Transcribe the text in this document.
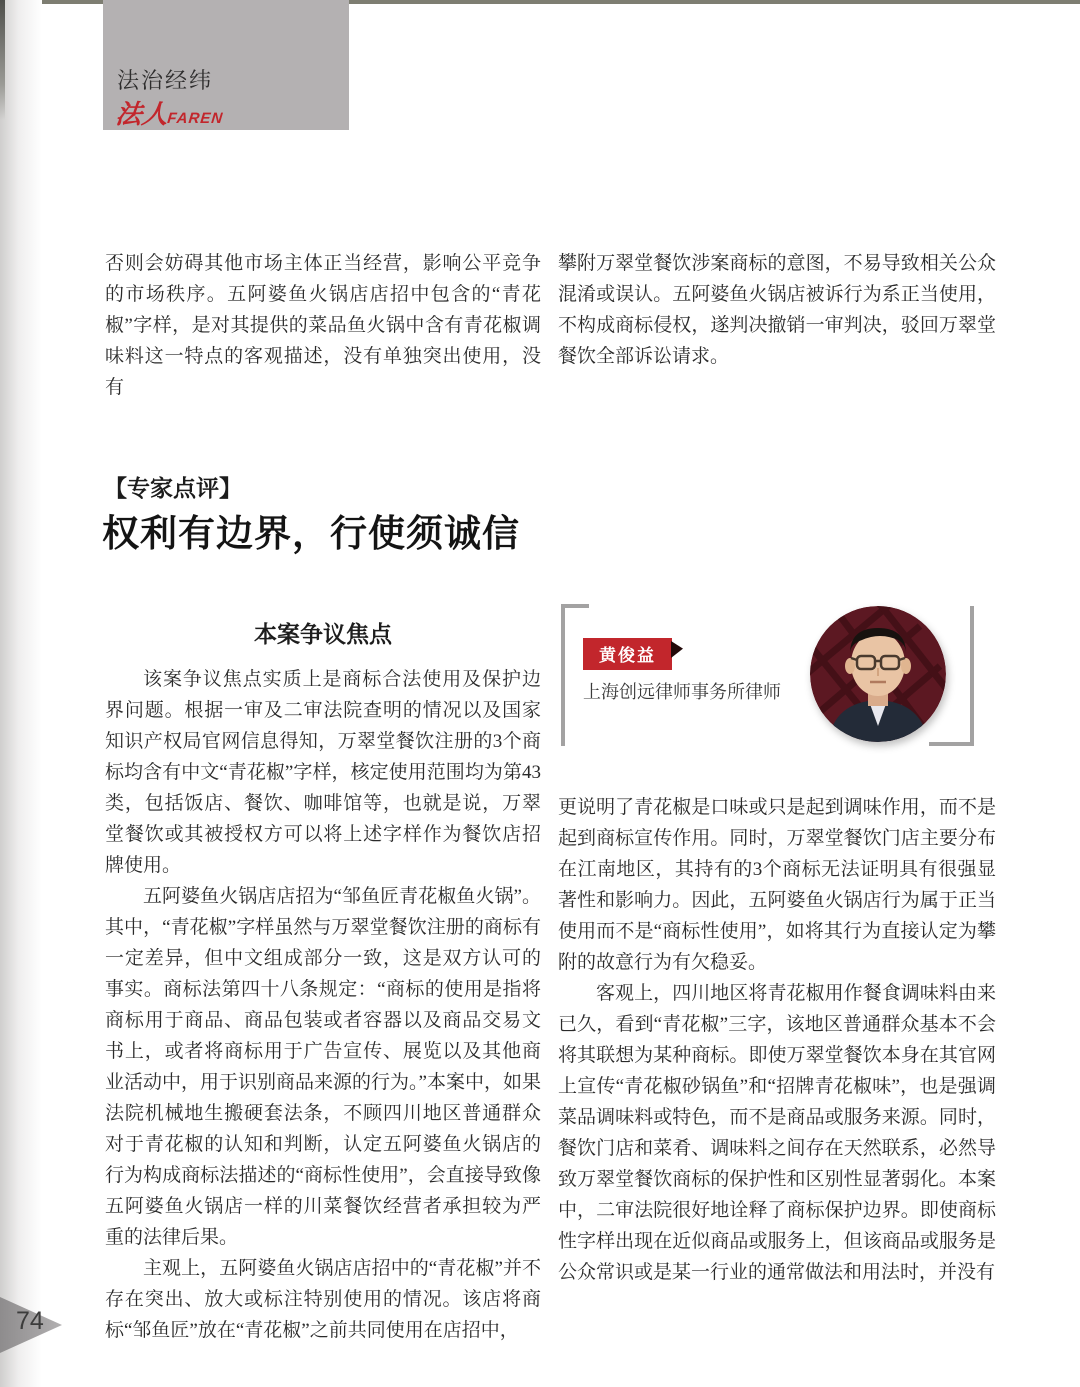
法治经纬
法人FAREN
否则会妨碍其他市场主体正当经营，影响公平竞争的市场秩序。五阿婆鱼火锅店店招中包含的“青花椒”字样，是对其提供的菜品鱼火锅中含有青花椒调味料这一特点的客观描述，没有单独突出使用，没有
攀附万翠堂餐饮涉案商标的意图，不易导致相关公众混淆或误认。五阿婆鱼火锅店被诉行为系正当使用，不构成商标侵权，遂判决撤销一审判决，驳回万翠堂餐饮全部诉讼请求。
【专家点评】
权利有边界，行使须诚信
本案争议焦点
黄俊益
上海创远律师事务所律师

该案争议焦点实质上是商标合法使用及保护边界问题。根据一审及二审法院查明的情况以及国家知识产权局官网信息得知，万翠堂餐饮注册的3个商标均含有中文“青花椒”字样，核定使用范围均为第43类，包括饭店、餐饮、咖啡馆等，也就是说，万翠堂餐饮或其被授权方可以将上述字样作为餐饮店招牌使用。

五阿婆鱼火锅店店招为“邹鱼匠青花椒鱼火锅”。其中，“青花椒”字样虽然与万翠堂餐饮注册的商标有一定差异，但中文组成部分一致，这是双方认可的事实。商标法第四十八条规定：“商标的使用是指将商标用于商品、商品包装或者容器以及商品交易文书上，或者将商标用于广告宣传、展览以及其他商业活动中，用于识别商品来源的行为。”本案中，如果法院机械地生搬硬套法条，不顾四川地区普通群众对于青花椒的认知和判断，认定五阿婆鱼火锅店的行为构成商标法描述的“商标性使用”，会直接导致像五阿婆鱼火锅店一样的川菜餐饮经营者承担较为严重的法律后果。

主观上，五阿婆鱼火锅店店招中的“青花椒”并不存在突出、放大或标注特别使用的情况。该店将商标“邹鱼匠”放在“青花椒”之前共同使用在店招中，

更说明了青花椒是口味或只是起到调味作用，而不是起到商标宣传作用。同时，万翠堂餐饮门店主要分布在江南地区，其持有的3个商标无法证明具有很强显著性和影响力。因此，五阿婆鱼火锅店行为属于正当使用而不是“商标性使用”，如将其行为直接认定为攀附的故意行为有欠稳妥。

客观上，四川地区将青花椒用作餐食调味料由来已久，看到“青花椒”三字，该地区普通群众基本不会将其联想为某种商标。即使万翠堂餐饮本身在其官网上宣传“青花椒砂锅鱼”和“招牌青花椒味”，也是强调菜品调味料或特色，而不是商品或服务来源。同时，餐饮门店和菜肴、调味料之间存在天然联系，必然导致万翠堂餐饮商标的保护性和区别性显著弱化。本案中，二审法院很好地诠释了商标保护边界。即使商标性字样出现在近似商品或服务上，但该商品或服务是公众常识或是某一行业的通常做法和用法时，并没有

74
